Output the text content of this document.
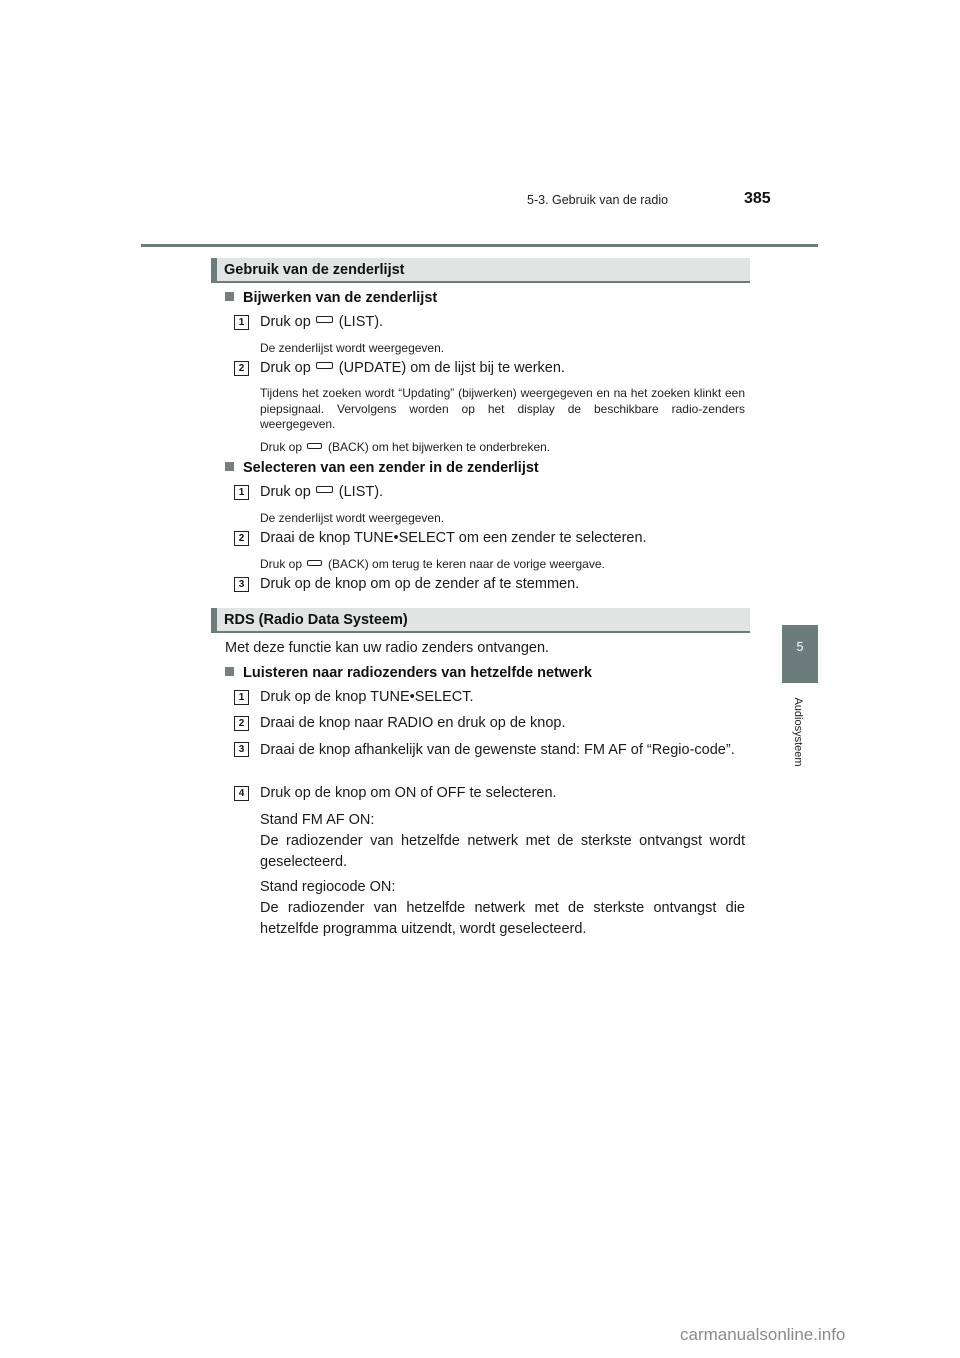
5-3. Gebruik van de radio	385
5
Audiosysteem
Gebruik van de zenderlijst
Bijwerken van de zenderlijst
1	Druk op (LIST).
De zenderlijst wordt weergegeven.
2	Druk op (UPDATE) om de lijst bij te werken.
Tijdens het zoeken wordt “Updating” (bijwerken) weergegeven en na het zoeken klinkt een piepsignaal. Vervolgens worden op het display de beschikbare radio-zenders weergegeven.
Druk op (BACK) om het bijwerken te onderbreken.
Selecteren van een zender in de zenderlijst
1	Druk op (LIST).
De zenderlijst wordt weergegeven.
2	Draai de knop TUNE•SELECT om een zender te selecteren.
Druk op (BACK) om terug te keren naar de vorige weergave.
3	Druk op de knop om op de zender af te stemmen.
RDS (Radio Data Systeem)
Met deze functie kan uw radio zenders ontvangen.
Luisteren naar radiozenders van hetzelfde netwerk
1	Druk op de knop TUNE•SELECT.
2	Draai de knop naar RADIO en druk op de knop.
3	Draai de knop afhankelijk van de gewenste stand: FM AF of “Regio-code”.
4	Druk op de knop om ON of OFF te selecteren.
Stand FM AF ON:
De radiozender van hetzelfde netwerk met de sterkste ontvangst wordt geselecteerd.
Stand regiocode ON:
De radiozender van hetzelfde netwerk met de sterkste ontvangst die hetzelfde programma uitzendt, wordt geselecteerd.
carmanualsonline.info
